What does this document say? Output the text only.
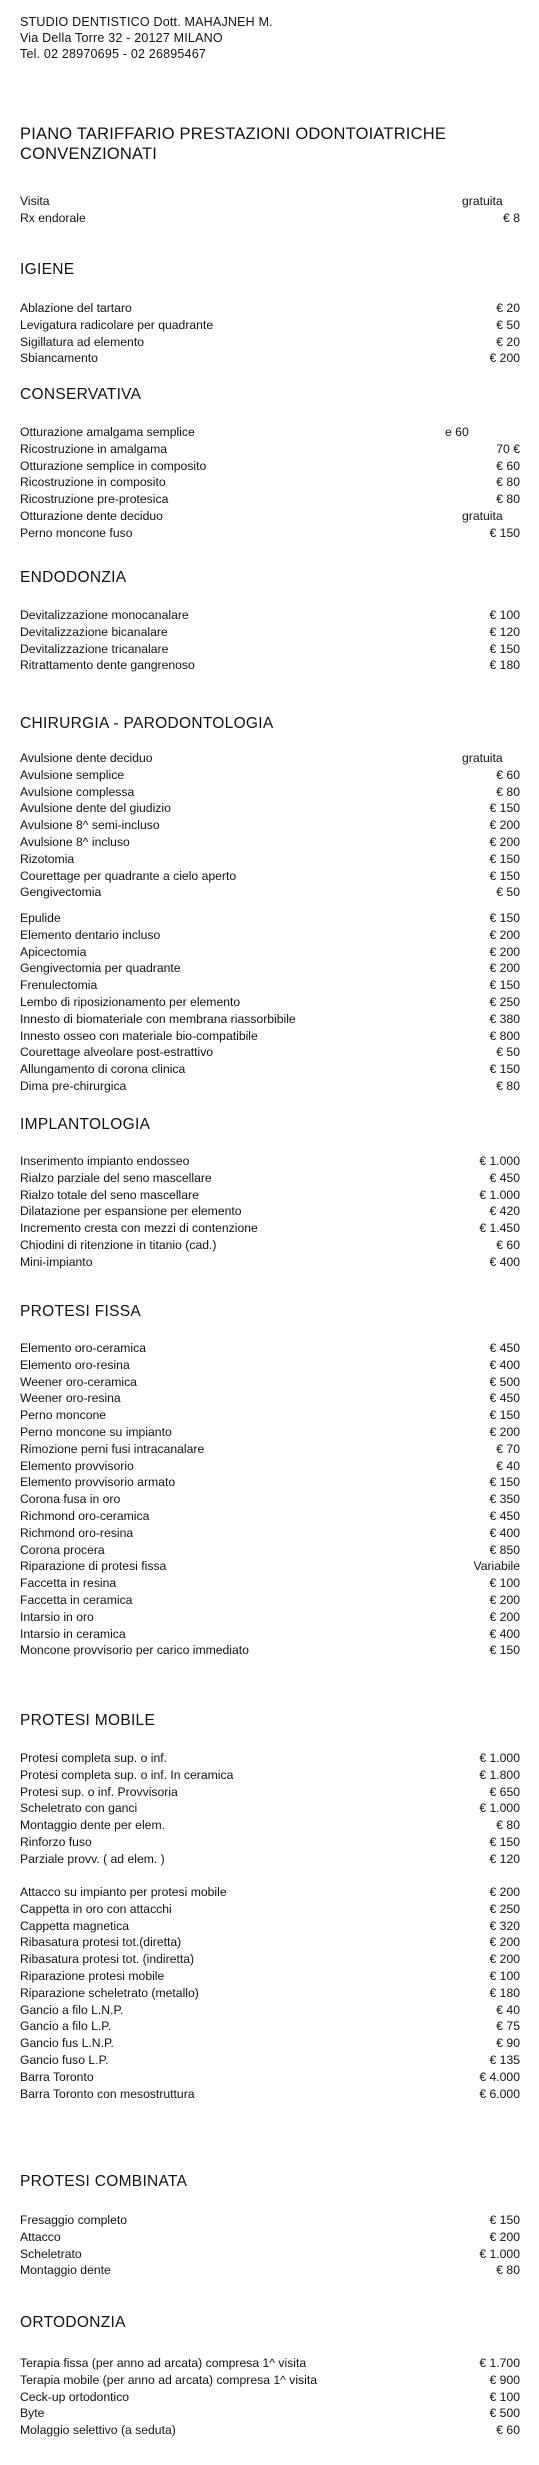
STUDIO DENTISTICO Dott. MAHAJNEH M.
Via Della Torre 32 - 20127 MILANO
Tel. 02 28970695 - 02 26895467
PIANO TARIFFARIO PRESTAZIONI ODONTOIATRICHE
CONVENZIONATI
Visita	gratuita
Rx endorale	€ 8
IGIENE
Ablazione del tartaro	€ 20
Levigatura radicolare per quadrante	€ 50
Sigillatura ad elemento	€ 20
Sbiancamento	€ 200
CONSERVATIVA
Otturazione amalgama semplice	e 60
Ricostruzione in amalgama	70 €
Otturazione semplice in composito	€ 60
Ricostruzione in composito	€ 80
Ricostruzione pre-protesica	€ 80
Otturazione dente deciduo	gratuita
Perno moncone fuso	€ 150
ENDODONZIA
Devitalizzazione monocanalare	€ 100
Devitalizzazione bicanalare	€ 120
Devitalizzazione tricanalare	€ 150
Ritrattamento dente gangrenoso	€ 180
CHIRURGIA - PARODONTOLOGIA
Avulsione dente deciduo	gratuita
Avulsione semplice	€ 60
Avulsione complessa	€ 80
Avulsione dente del giudizio	€ 150
Avulsione 8^ semi-incluso	€ 200
Avulsione 8^ incluso	€ 200
Rizotomia	€ 150
Courettage per quadrante a cielo aperto	€ 150
Gengivectomia	€ 50
Epulide	€ 150
Elemento dentario incluso	€ 200
Apicectomia	€ 200
Gengivectomia per quadrante	€ 200
Frenulectomia	€ 150
Lembo di riposizionamento per elemento	€ 250
Innesto di biomateriale con membrana riassorbibile	€ 380
Innesto osseo con materiale bio-compatibile	€ 800
Courettage alveolare post-estrattivo	€ 50
Allungamento di corona clinica	€ 150
Dima pre-chirurgica	€ 80
IMPLANTOLOGIA
Inserimento impianto endosseo	€ 1.000
Rialzo parziale del seno mascellare	€ 450
Rialzo totale del seno mascellare	€ 1.000
Dilatazione per espansione per elemento	€ 420
Incremento cresta con mezzi di contenzione	€ 1.450
Chiodini di ritenzione in titanio (cad.)	€ 60
Mini-impianto	€ 400
PROTESI FISSA
Elemento oro-ceramica	€ 450
Elemento oro-resina	€ 400
Weener oro-ceramica	€ 500
Weener oro-resina	€ 450
Perno moncone	€ 150
Perno moncone su impianto	€ 200
Rimozione perni fusi intracanalare	€ 70
Elemento provvisorio	€ 40
Elemento provvisorio armato	€ 150
Corona fusa in oro	€ 350
Richmond oro-ceramica	€ 450
Richmond oro-resina	€ 400
Corona procera	€ 850
Riparazione di protesi fissa	Variabile
Faccetta in resina	€ 100
Faccetta in ceramica	€ 200
Intarsio in oro	€ 200
Intarsio in ceramica	€ 400
Moncone provvisorio per carico immediato	€ 150
PROTESI MOBILE
Protesi completa sup. o inf.	€ 1.000
Protesi completa sup. o inf. In ceramica	€ 1.800
Protesi sup. o inf. Provvisoria	€ 650
Scheletrato con ganci	€ 1.000
Montaggio dente per elem.	€ 80
Rinforzo fuso	€ 150
Parziale provv. ( ad elem. )	€ 120
Attacco su impianto per protesi mobile	€ 200
Cappetta in oro con attacchi	€ 250
Cappetta magnetica	€ 320
Ribasatura protesi tot.(diretta)	€ 200
Ribasatura protesi tot. (indiretta)	€ 200
Riparazione protesi mobile	€ 100
Riparazione scheletrato (metallo)	€ 180
Gancio a filo L.N.P.	€ 40
Gancio a filo L.P.	€ 75
Gancio fus L.N.P.	€ 90
Gancio fuso L.P.	€ 135
Barra Toronto	€ 4.000
Barra Toronto con mesostruttura	€ 6.000
PROTESI COMBINATA
Fresaggio completo	€ 150
Attacco	€ 200
Scheletrato	€ 1.000
Montaggio dente	€ 80
ORTODONZIA
Terapia fissa (per anno ad arcata) compresa 1^ visita	€ 1.700
Terapia mobile (per anno ad arcata) compresa 1^ visita	€ 900
Ceck-up ortodontico	€ 100
Byte	€ 500
Molaggio selettivo (a seduta)	€ 60
